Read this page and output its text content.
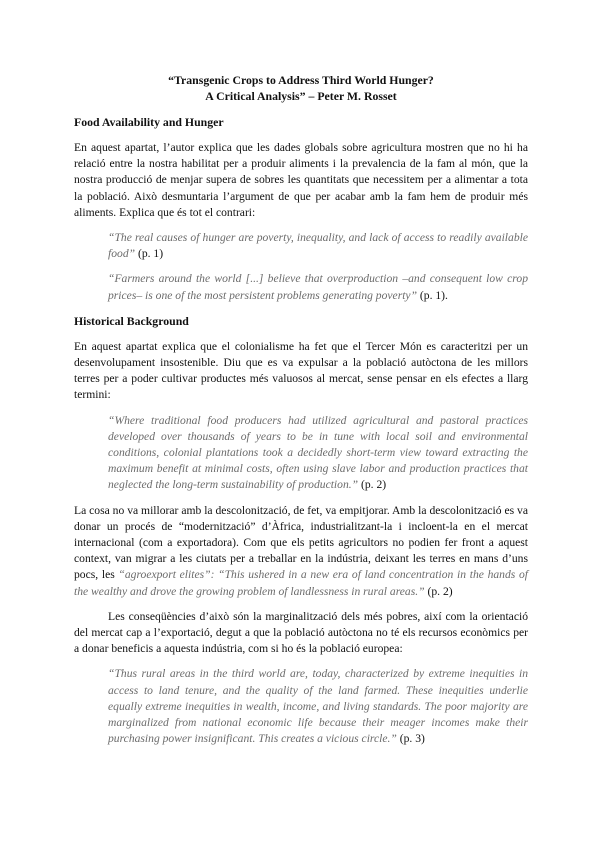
“Transgenic Crops to Address Third World Hunger?
A Critical Analysis” – Peter M. Rosset
Food Availability and Hunger

En aquest apartat, l’autor explica que les dades globals sobre agricultura mostren que no hi ha relació entre la nostra habilitat per a produir aliments i la prevalencia de la fam al món, que la nostra producció de menjar supera de sobres les quantitats que necessitem per a alimentar a tota la població. Això desmuntaria l’argument de que per acabar amb la fam hem de produir més aliments. Explica que és tot el contrari:

“The real causes of hunger are poverty, inequality, and lack of access to readily available food” (p. 1)
“Farmers around the world [...] believe that overproduction –and consequent low crop prices– is one of the most persistent problems generating poverty” (p. 1).
Historical Background

En aquest apartat explica que el colonialisme ha fet que el Tercer Món es caracteritzi per un desenvolupament insostenible. Diu que es va expulsar a la població autòctona de les millors terres per a poder cultivar productes més valuosos al mercat, sense pensar en els efectes a llarg termini:

“Where traditional food producers had utilized agricultural and pastoral practices developed over thousands of years to be in tune with local soil and environmental conditions, colonial plantations took a decidedly short-term view toward extracting the maximum benefit at minimal costs, often using slave labor and production practices that neglected the long-term sustainability of production.” (p. 2)

La cosa no va millorar amb la descolonització, de fet, va empitjorar. Amb la descolonització es va donar un procés de “modernització” d’Àfrica, industrialitzant-la i incloent-la en el mercat internacional (com a exportadora). Com que els petits agricultors no podien fer front a aquest context, van migrar a les ciutats per a treballar en la indústria, deixant les terres en mans d’uns pocs, les “agroexport elites”: “This ushered in a new era of land concentration in the hands of the wealthy and drove the growing problem of landlessness in rural areas.” (p. 2)

Les conseqüències d’això són la marginalització dels més pobres, així com la orientació del mercat cap a l’exportació, degut a que la població autòctona no té els recursos econòmics per a donar beneficis a aquesta indústria, com si ho és la població europea:

“Thus rural areas in the third world are, today, characterized by extreme inequities in access to land tenure, and the quality of the land farmed. These inequities underlie equally extreme inequities in wealth, income, and living standards. The poor majority are marginalized from national economic life because their meager incomes make their purchasing power insignificant. This creates a vicious circle.” (p. 3)
